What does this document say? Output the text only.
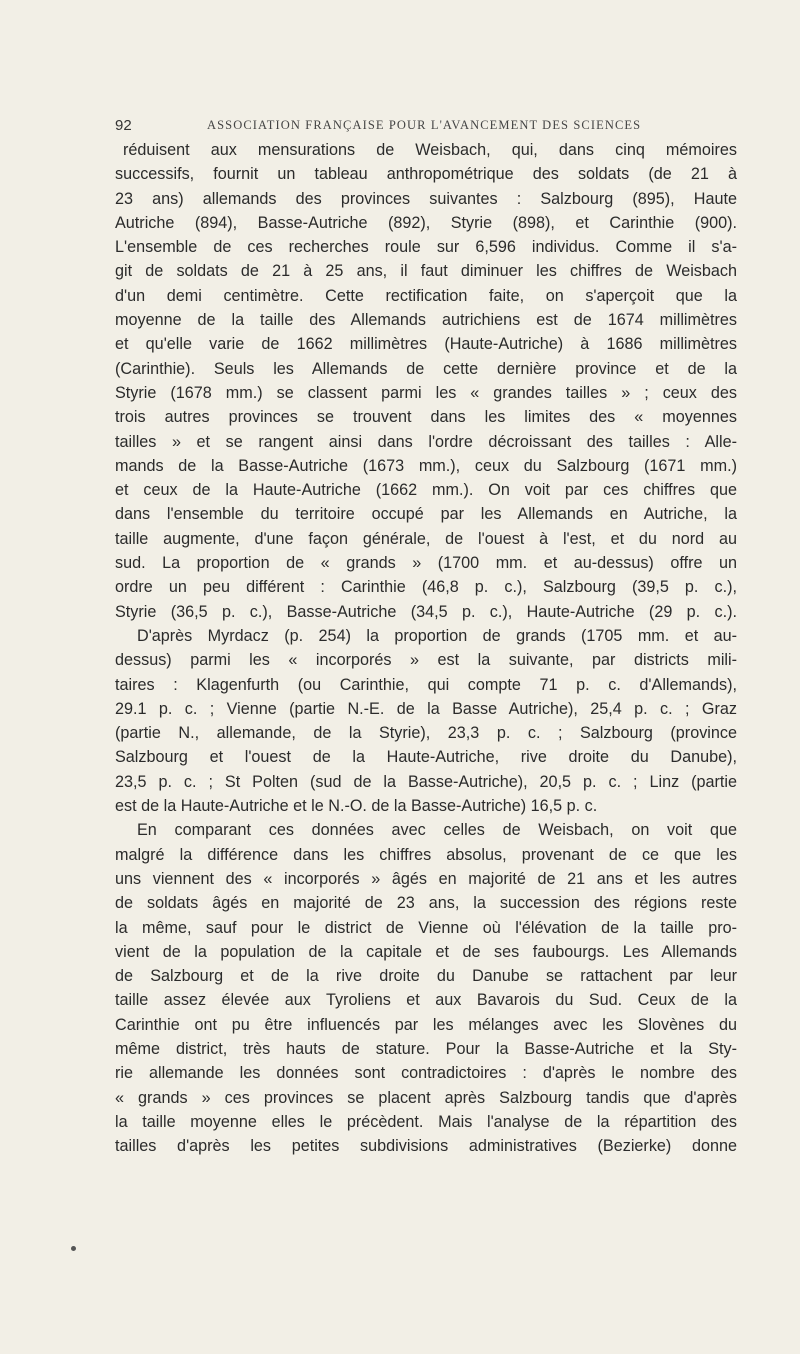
92	ASSOCIATION FRANÇAISE POUR L'AVANCEMENT DES SCIENCES
réduisent aux mensurations de Weisbach, qui, dans cinq mémoires
successifs, fournit un tableau anthropométrique des soldats (de 21 à
23 ans) allemands des provinces suivantes : Salzbourg (895), Haute
Autriche (894), Basse-Autriche (892), Styrie (898), et Carinthie (900).
L'ensemble de ces recherches roule sur 6,596 individus. Comme il s'a-
git de soldats de 21 à 25 ans, il faut diminuer les chiffres de Weisbach
d'un demi centimètre. Cette rectification faite, on s'aperçoit que la
moyenne de la taille des Allemands autrichiens est de 1674 millimètres
et qu'elle varie de 1662 millimètres (Haute-Autriche) à 1686 millimètres
(Carinthie). Seuls les Allemands de cette dernière province et de la
Styrie (1678 mm.) se classent parmi les « grandes tailles » ; ceux des
trois autres provinces se trouvent dans les limites des « moyennes
tailles » et se rangent ainsi dans l'ordre décroissant des tailles : Alle-
mands de la Basse-Autriche (1673 mm.), ceux du Salzbourg (1671 mm.)
et ceux de la Haute-Autriche (1662 mm.). On voit par ces chiffres que
dans l'ensemble du territoire occupé par les Allemands en Autriche, la
taille augmente, d'une façon générale, de l'ouest à l'est, et du nord au
sud. La proportion de « grands » (1700 mm. et au-dessus) offre un
ordre un peu différent : Carinthie (46,8 p. c.), Salzbourg (39,5 p. c.),
Styrie (36,5 p. c.), Basse-Autriche (34,5 p. c.), Haute-Autriche (29 p. c.).
D'après Myrdacz (p. 254) la proportion de grands (1705 mm. et au-
dessus) parmi les « incorporés » est la suivante, par districts mili-
taires : Klagenfurth (ou Carinthie, qui compte 71 p. c. d'Allemands),
29.1 p. c. ; Vienne (partie N.-E. de la Basse Autriche), 25,4 p. c. ; Graz
(partie N., allemande, de la Styrie), 23,3 p. c. ; Salzbourg (province
Salzbourg et l'ouest de la Haute-Autriche, rive droite du Danube),
23,5 p. c. ; St Polten (sud de la Basse-Autriche), 20,5 p. c. ; Linz (partie
est de la Haute-Autriche et le N.-O. de la Basse-Autriche) 16,5 p. c.
En comparant ces données avec celles de Weisbach, on voit que
malgré la différence dans les chiffres absolus, provenant de ce que les
uns viennent des « incorporés » âgés en majorité de 21 ans et les autres
de soldats âgés en majorité de 23 ans, la succession des régions reste
la même, sauf pour le district de Vienne où l'élévation de la taille pro-
vient de la population de la capitale et de ses faubourgs. Les Allemands
de Salzbourg et de la rive droite du Danube se rattachent par leur
taille assez élevée aux Tyroliens et aux Bavarois du Sud. Ceux de la
Carinthie ont pu être influencés par les mélanges avec les Slovènes du
même district, très hauts de stature. Pour la Basse-Autriche et la Sty-
rie allemande les données sont contradictoires : d'après le nombre des
« grands » ces provinces se placent après Salzbourg tandis que d'après
la taille moyenne elles le précèdent. Mais l'analyse de la répartition des
tailles d'après les petites subdivisions administratives (Bezierke) donne
